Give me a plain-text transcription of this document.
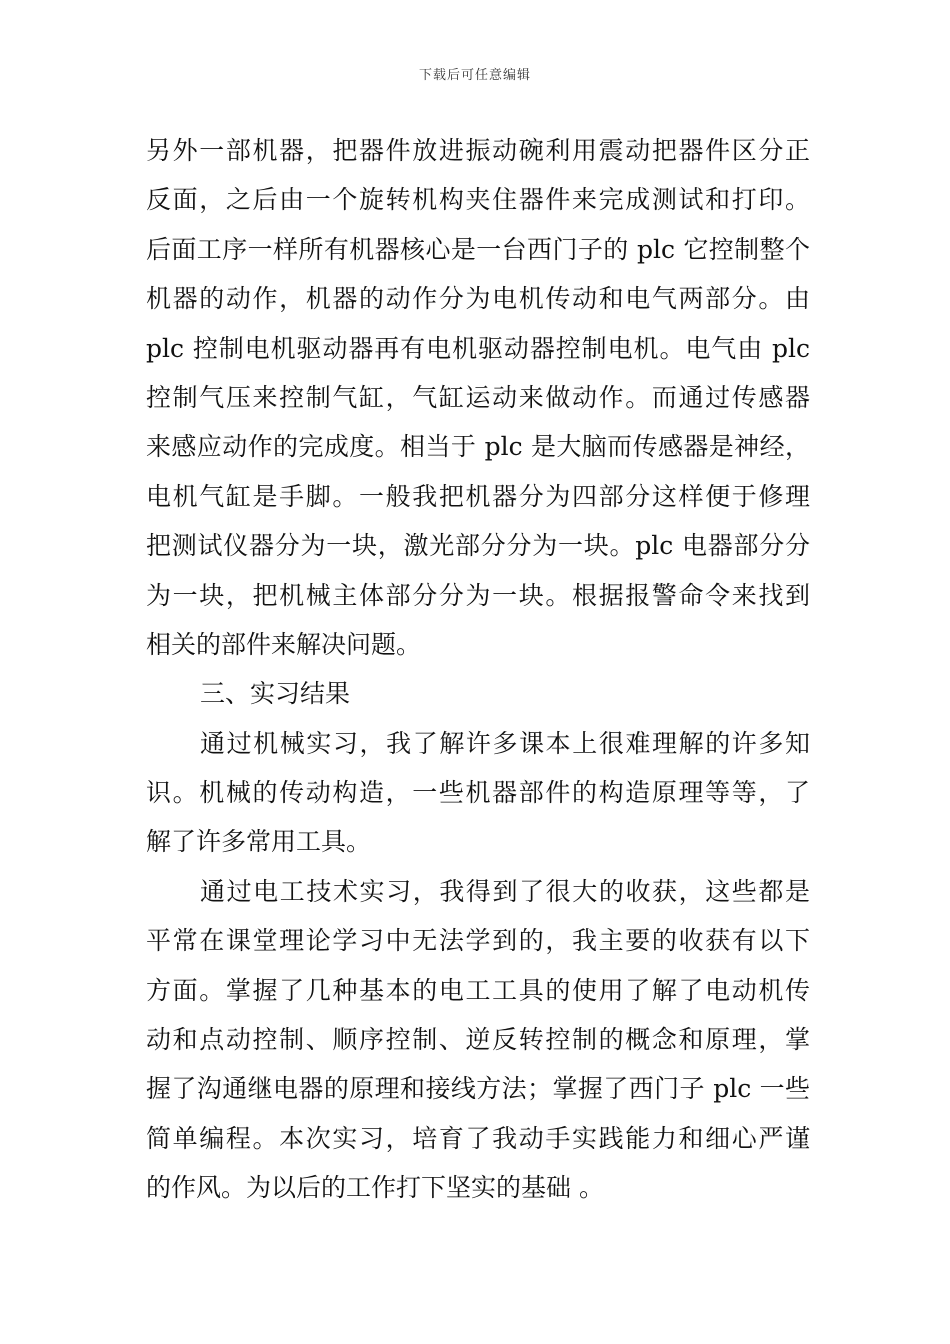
下载后可任意编辑
另外一部机器，把器件放进振动碗利用震动把器件区分正
反面，之后由一个旋转机构夹住器件来完成测试和打印。
后面工序一样所有机器核心是一台西门子的 plc 它控制整个
机器的动作，机器的动作分为电机传动和电气两部分。由
plc 控制电机驱动器再有电机驱动器控制电机。电气由 plc
控制气压来控制气缸，气缸运动来做动作。而通过传感器
来感应动作的完成度。相当于 plc 是大脑而传感器是神经，
电机气缸是手脚。一般我把机器分为四部分这样便于修理
把测试仪器分为一块，激光部分分为一块。plc 电器部分分
为一块，把机械主体部分分为一块。根据报警命令来找到
相关的部件来解决问题。
三、实习结果
通过机械实习，我了解许多课本上很难理解的许多知
识。机械的传动构造，一些机器部件的构造原理等等，了
解了许多常用工具。
通过电工技术实习，我得到了很大的收获，这些都是
平常在课堂理论学习中无法学到的，我主要的收获有以下
方面。掌握了几种基本的电工工具的使用了解了电动机传
动和点动控制、顺序控制、逆反转控制的概念和原理，掌
握了沟通继电器的原理和接线方法；掌握了西门子 plc 一些
简单编程。本次实习，培育了我动手实践能力和细心严谨
的作风。为以后的工作打下坚实的基础 。
